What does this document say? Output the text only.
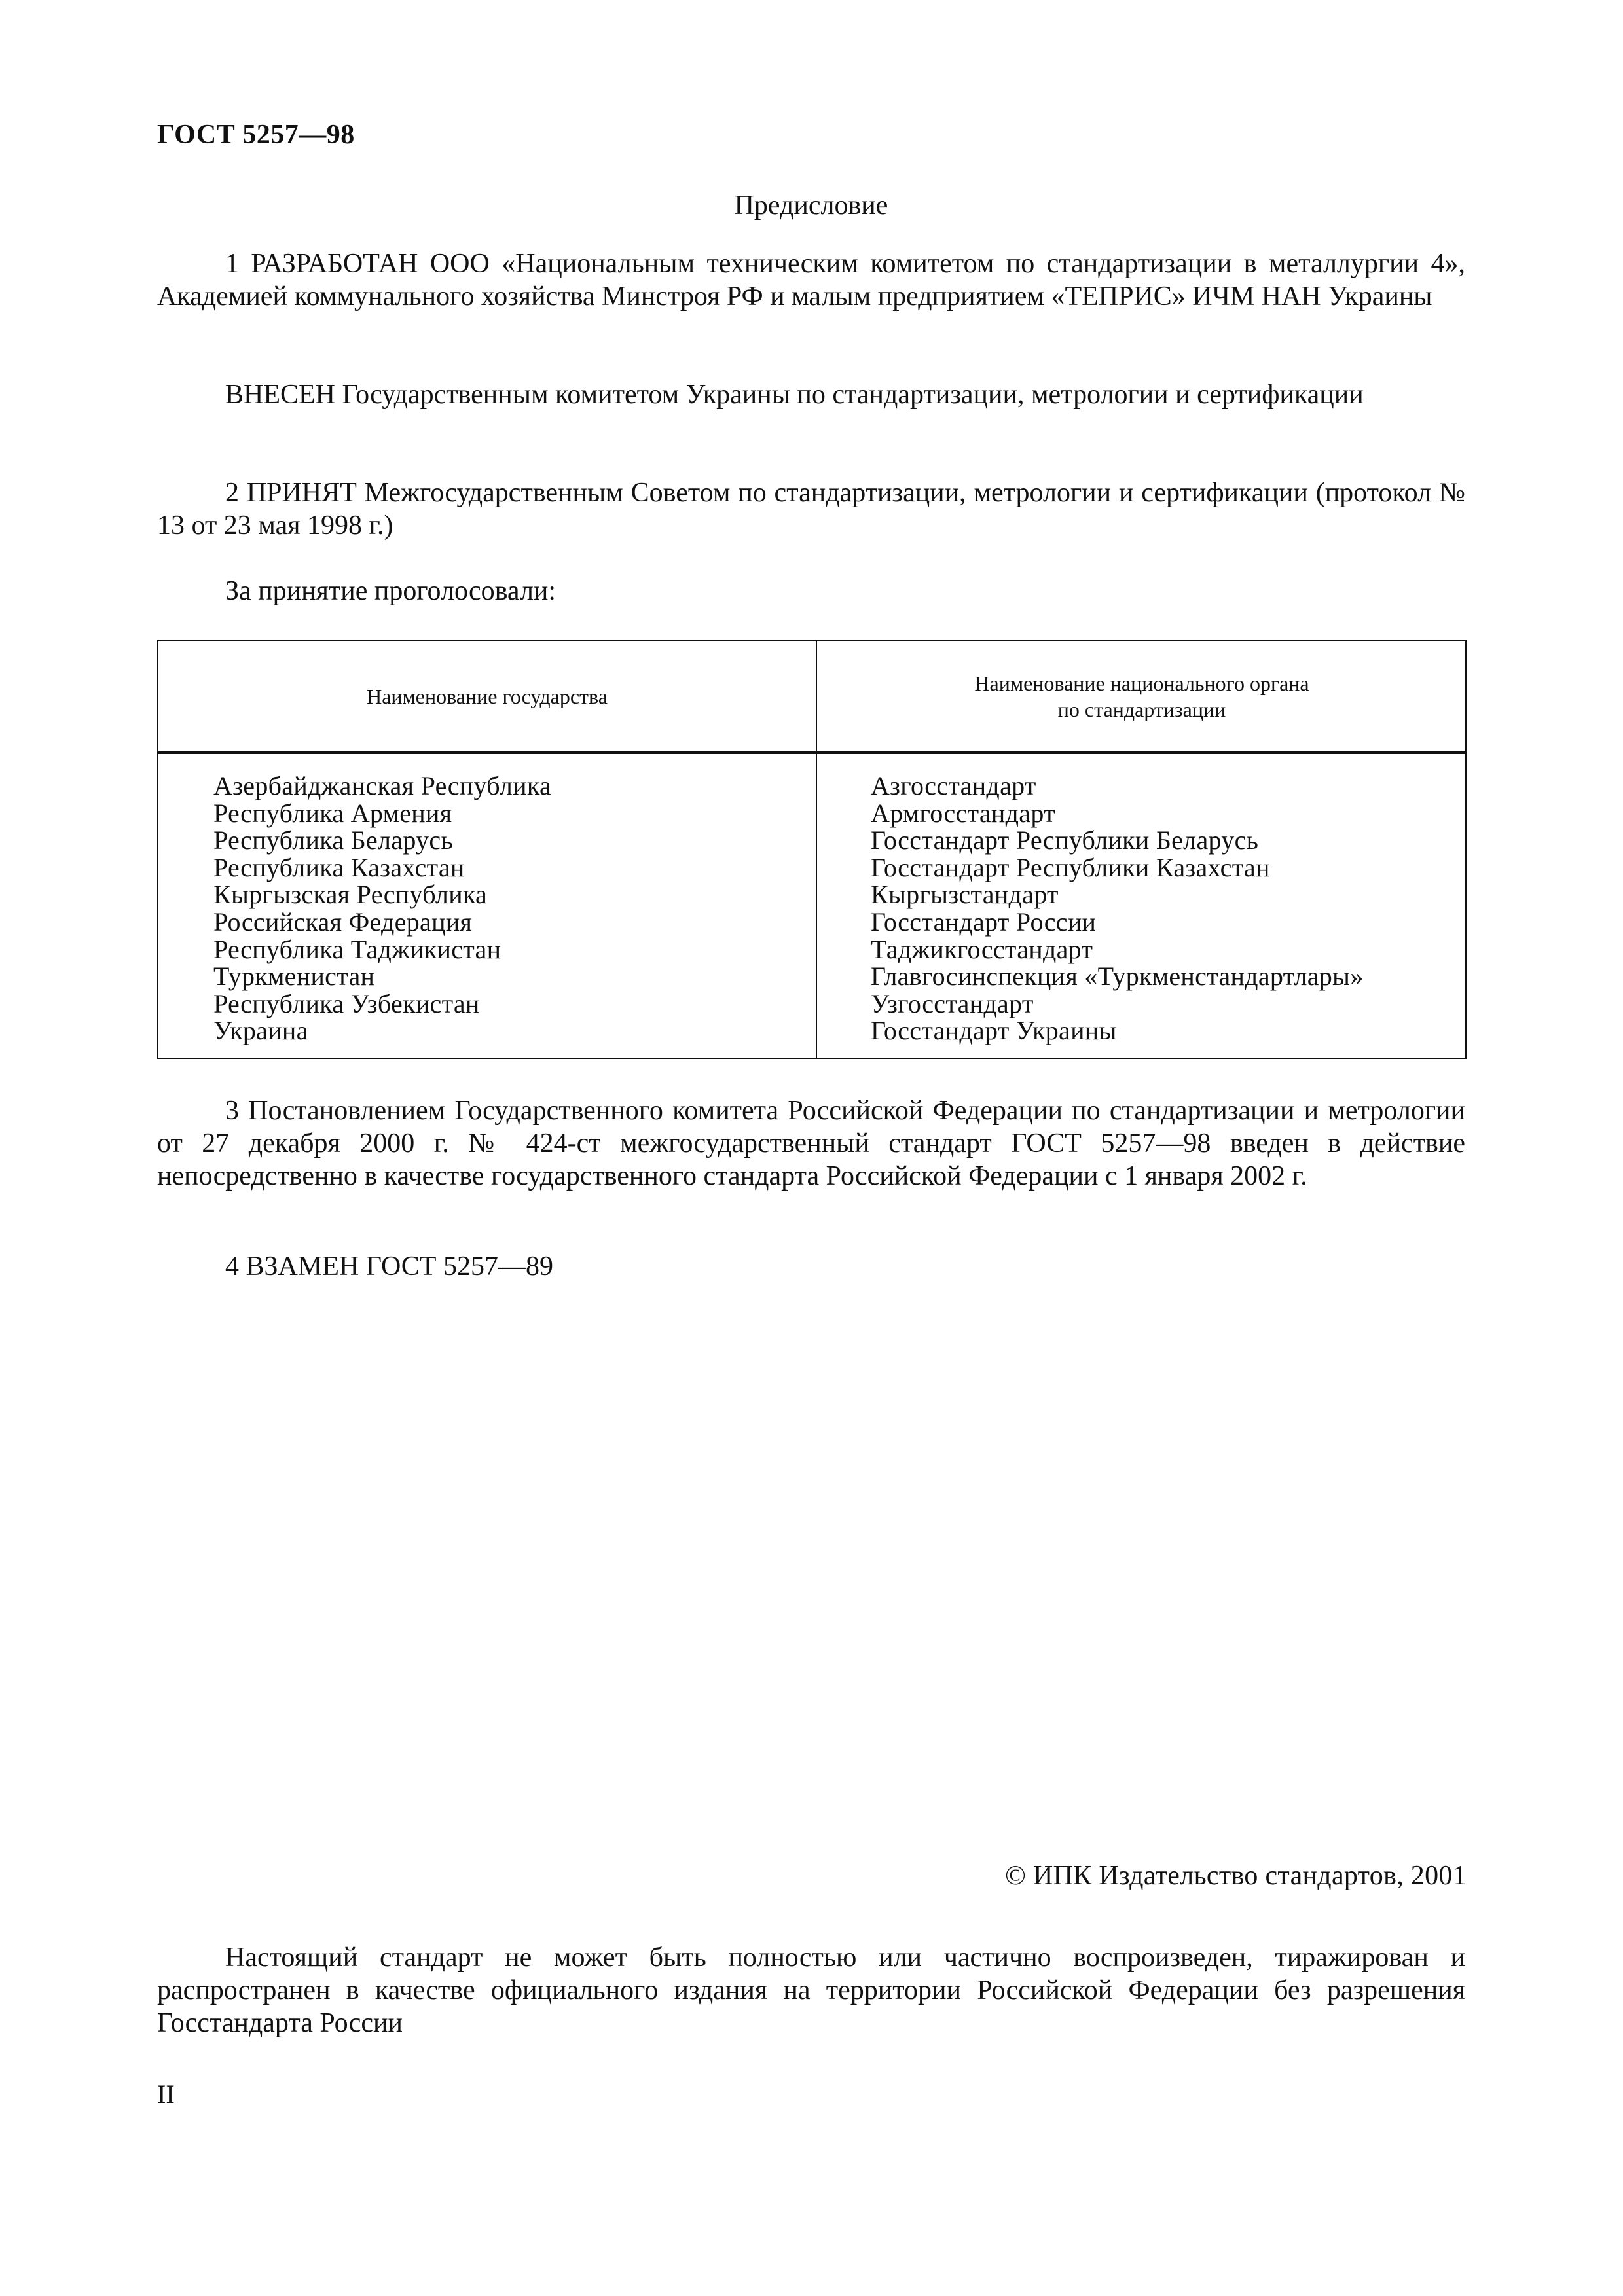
ГОСТ 5257—98
Предисловие

1 РАЗРАБОТАН ООО «Национальным техническим комитетом по стандартизации в металлургии 4», Академией коммунального хозяйства Минстроя РФ и малым предприятием «ТЕПРИС» ИЧМ НАН Украины

ВНЕСЕН Государственным комитетом Украины по стандартизации, метрологии и сертификации

2 ПРИНЯТ Межгосударственным Советом по стандартизации, метрологии и сертификации (протокол № 13 от 23 мая 1998 г.)

За принятие проголосовали:

Наименование государства
Наименование национального органа
по стандартизации
Азербайджанская Республика
Республика Армения
Республика Беларусь
Республика Казахстан
Кыргызская Республика
Российская Федерация
Республика Таджикистан
Туркменистан
Республика Узбекистан
Украина
Азгосстандарт
Армгосстандарт
Госстандарт Республики Беларусь
Госстандарт Республики Казахстан
Кыргызстандарт
Госстандарт России
Таджикгосстандарт
Главгосинспекция «Туркменстандартлары»
Узгосстандарт
Госстандарт Украины

3 Постановлением Государственного комитета Российской Федерации по стандартизации и метрологии от 27 декабря 2000 г. № 424-ст межгосударственный стандарт ГОСТ 5257—98 введен в действие непосредственно в качестве государственного стандарта Российской Федерации с 1 января 2002 г.

4 ВЗАМЕН ГОСТ 5257—89

© ИПК Издательство стандартов, 2001

Настоящий стандарт не может быть полностью или частично воспроизведен, тиражирован и распространен в качестве официального издания на территории Российской Федерации без разрешения Госстандарта России

II
